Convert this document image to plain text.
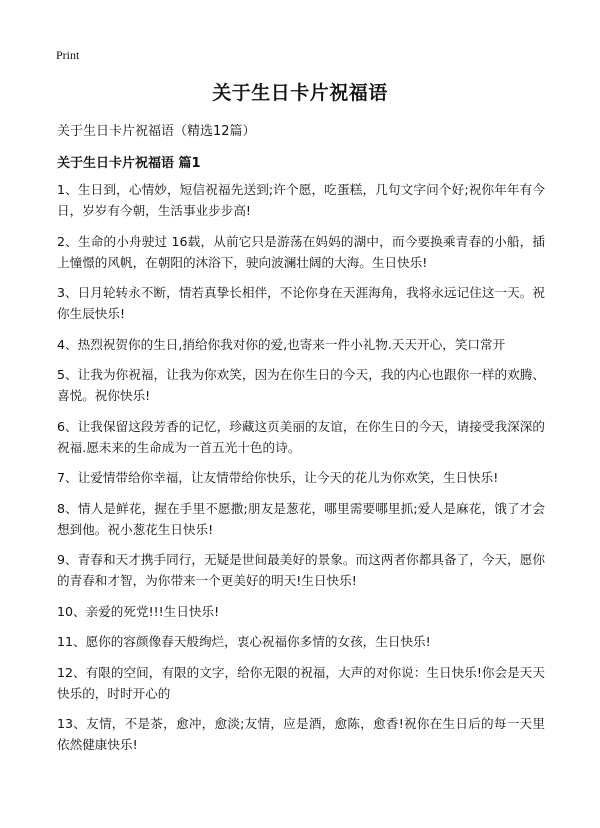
Print
关于生日卡片祝福语
关于生日卡片祝福语（精选12篇）
关于生日卡片祝福语 篇1
1、生日到，心情妙，短信祝福先送到;许个愿，吃蛋糕，几句文字问个好;祝你年年有今日，岁岁有今朝，生活事业步步高!
2、生命的小舟驶过 16载，从前它只是游荡在妈妈的湖中，而今要换乘青春的小船，插上憧憬的风帆，在朝阳的沐浴下，驶向波澜壮阔的大海。生日快乐!
3、日月轮转永不断，情若真挚长相伴，不论你身在天涯海角，我将永远记住这一天。祝你生辰快乐!
4、热烈祝贺你的生日,捎给你我对你的爱,也寄来一件小礼物.天天开心，笑口常开
5、让我为你祝福，让我为你欢笑，因为在你生日的今天，我的内心也跟你一样的欢腾、喜悦。祝你快乐!
6、让我保留这段芳香的记忆，珍藏这页美丽的友谊，在你生日的今天，请接受我深深的祝福.愿未来的生命成为一首五光十色的诗。
7、让爱情带给你幸福，让友情带给你快乐，让今天的花儿为你欢笑，生日快乐!
8、情人是鲜花，握在手里不愿撒;朋友是葱花，哪里需要哪里抓;爱人是麻花，饿了才会想到他。祝小葱花生日快乐!
9、青春和天才携手同行，无疑是世间最美好的景象。而这两者你都具备了，今天，愿你的青春和才智，为你带来一个更美好的明天!生日快乐!
10、亲爱的死党!!!生日快乐!
11、愿你的容颜像春天般绚烂，衷心祝福你多情的女孩，生日快乐!
12、有限的空间，有限的文字，给你无限的祝福，大声的对你说：生日快乐!你会是天天快乐的，时时开心的
13、友情，不是茶，愈冲，愈淡;友情，应是酒，愈陈，愈香!祝你在生日后的每一天里依然健康快乐!
